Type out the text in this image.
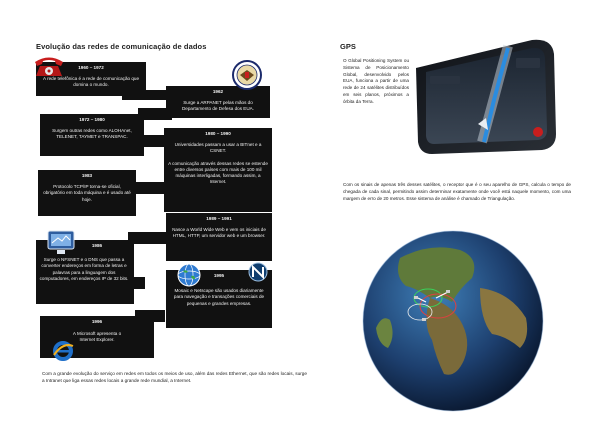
Evolução das redes de comunicação de dados
1960 – 1972

A rede telefônica é a rede de comunicação que domina o mundo.

1962

Surge a ARPANET pelas mãos do Departamento de Defesa dos EUA.

1972 – 1980

Surgem outras redes como ALOHAnet, TELENET, TAYMET e TRANSPAC.

1980 – 1990

Universidades passam a usar a BITnet e a CSNET.

A comunicação através dessas redes se estende entre diversos países com mais de 100 mil máquinas interligadas, formando assim, a Internet.

1983

Protocolo TCP/IP torna-se oficial, obrigatório em toda máquina e é usado até hoje.

1989 – 1991

Nasce a World Wide Web e vem os iniciais de HTML, HTTP, um servidor web e um browser.

1986

Surge o NFSNET e o DNS que passa a converter endereços em forma de letras e palavras para a linguagem dos computadores, em endereços IP de 32 bits.

1995

Mosaic e Netscape são usados diariamente para navegação e transações comerciais de pequenas e grandes empresas.

1996

A Microsoft apresenta o Internet Explorer.

Com a grande evolução do serviço em redes em todos os meios de uso, além das redes Ethernet, que são redes locais, surge a Intranet que liga essas redes locais a grande rede mundial, a Internet.
GPS
O Global Positioning System ou Sistema de Posicionamento Global, desenvolvido pelos EUA, funciona a partir de uma rede de 24 satélites distribuídos em seis planos, próximos a órbita da Terra.
Com os sinais de apenas três desses satélites, o receptor que é o seu aparelho de GPS, calcula o tempo de chegada de cada sinal, permitindo assim determinar exatamente onde você está naquele momento, com uma margem de erro de 20 metros. Esse sistema de análise é chamado de Triangulação.
